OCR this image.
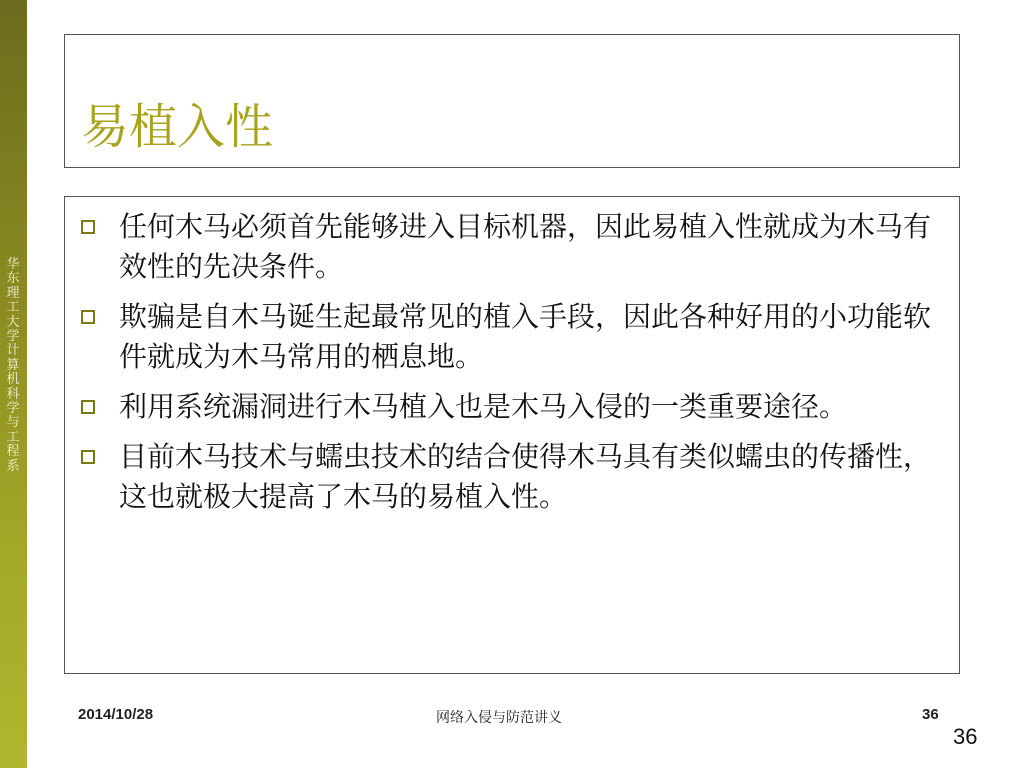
华东理工大学计算机科学与工程系
易植入性
任何木马必须首先能够进入目标机器，因此易植入性就成为木马有效性的先决条件。
欺骗是自木马诞生起最常见的植入手段，因此各种好用的小功能软件就成为木马常用的栖息地。
利用系统漏洞进行木马植入也是木马入侵的一类重要途径。
目前木马技术与蠕虫技术的结合使得木马具有类似蠕虫的传播性，这也就极大提高了木马的易植入性。
2014/10/28	网络入侵与防范讲义	36
36
